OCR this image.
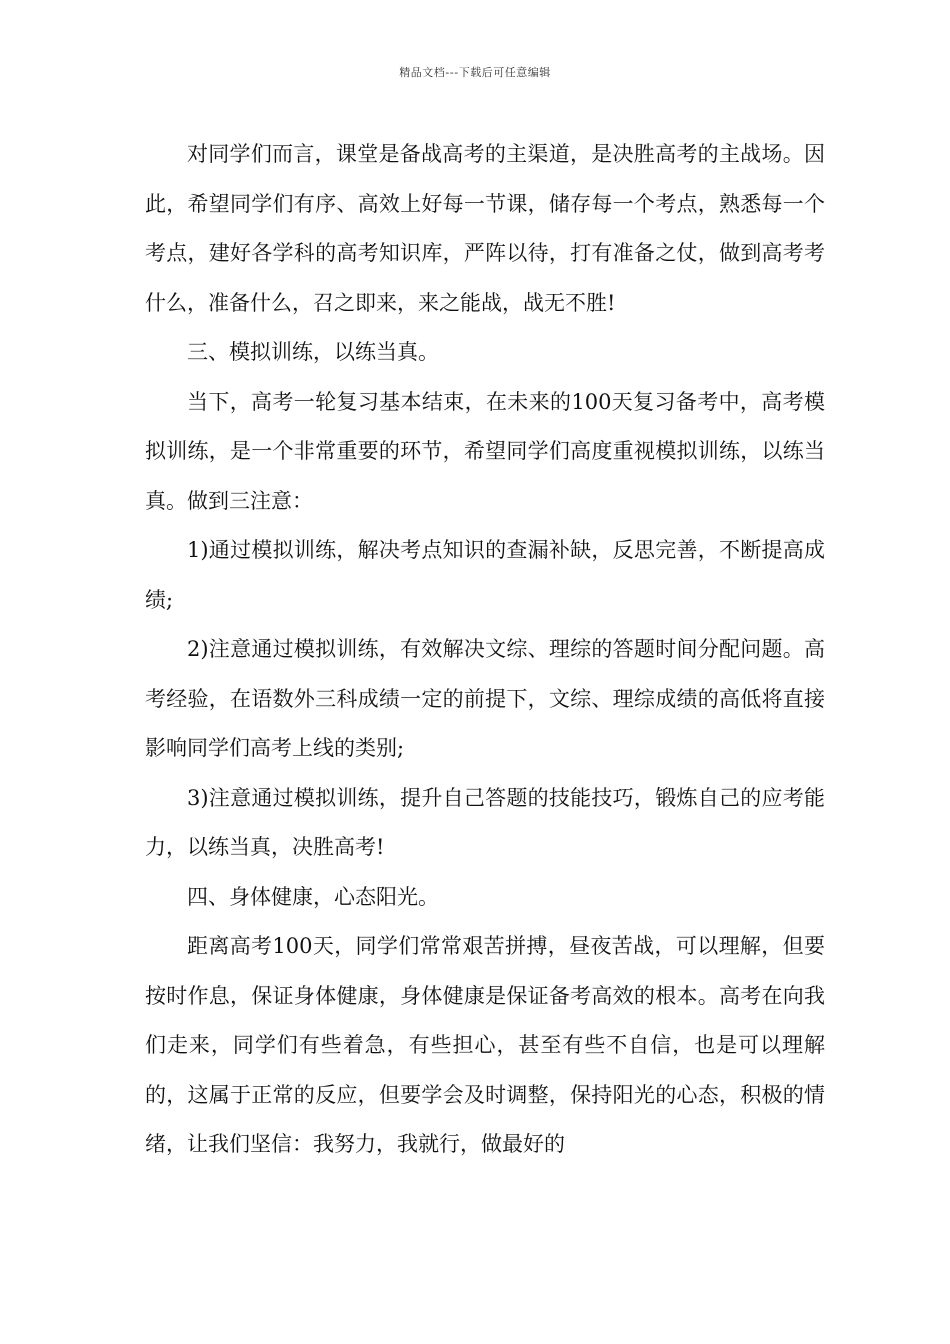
精品文档---下载后可任意编辑

对同学们而言，课堂是备战高考的主渠道，是决胜高考的主战场。因此，希望同学们有序、高效上好每一节课，储存每一个考点，熟悉每一个考点，建好各学科的高考知识库，严阵以待，打有准备之仗，做到高考考什么，准备什么，召之即来，来之能战，战无不胜!

三、模拟训练，以练当真。

当下，高考一轮复习基本结束，在未来的100天复习备考中，高考模拟训练，是一个非常重要的环节，希望同学们高度重视模拟训练，以练当真。做到三注意：

1)通过模拟训练，解决考点知识的查漏补缺，反思完善，不断提高成绩;

2)注意通过模拟训练，有效解决文综、理综的答题时间分配问题。高考经验，在语数外三科成绩一定的前提下，文综、理综成绩的高低将直接影响同学们高考上线的类别;

3)注意通过模拟训练，提升自己答题的技能技巧，锻炼自己的应考能力，以练当真，决胜高考!

四、身体健康，心态阳光。

距离高考100天，同学们常常艰苦拼搏，昼夜苦战，可以理解，但要按时作息，保证身体健康，身体健康是保证备考高效的根本。高考在向我们走来，同学们有些着急，有些担心，甚至有些不自信，也是可以理解的，这属于正常的反应，但要学会及时调整，保持阳光的心态，积极的情绪，让我们坚信：我努力，我就行，做最好的
